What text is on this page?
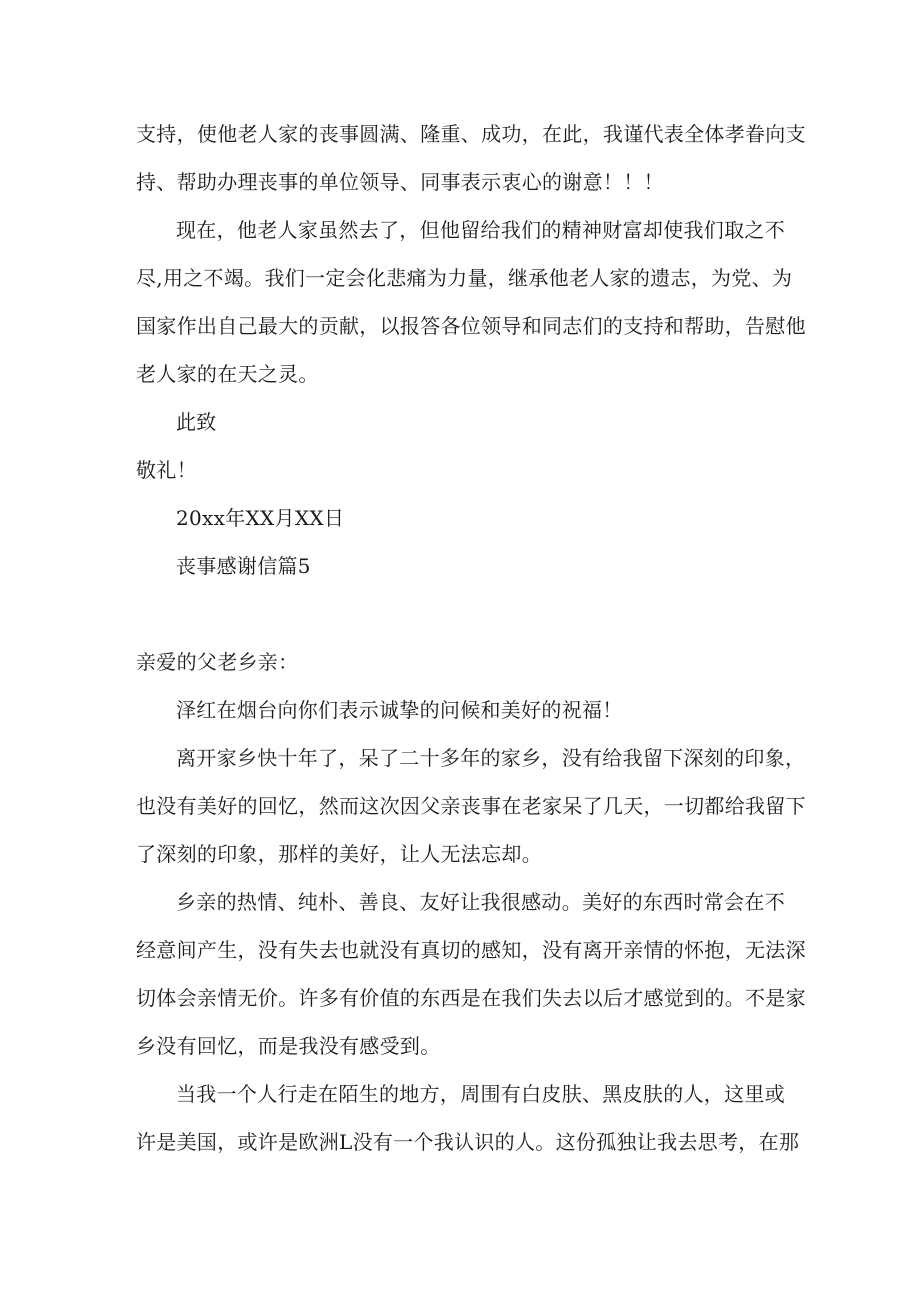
支持，使他老人家的丧事圆满、隆重、成功，在此，我谨代表全体孝眷向支
持、帮助办理丧事的单位领导、同事表示衷心的谢意！！！
现在，他老人家虽然去了，但他留给我们的精神财富却使我们取之不
尽,用之不竭。我们一定会化悲痛为力量，继承他老人家的遗志，为党、为
国家作出自己最大的贡献，以报答各位领导和同志们的支持和帮助，告慰他
老人家的在天之灵。
此致
敬礼！
20xx年XX月XX日
丧事感谢信篇5
亲爱的父老乡亲：
泽红在烟台向你们表示诚挚的问候和美好的祝福！
离开家乡快十年了，呆了二十多年的家乡，没有给我留下深刻的印象，
也没有美好的回忆，然而这次因父亲丧事在老家呆了几天，一切都给我留下
了深刻的印象，那样的美好，让人无法忘却。
乡亲的热情、纯朴、善良、友好让我很感动。美好的东西时常会在不
经意间产生，没有失去也就没有真切的感知，没有离开亲情的怀抱，无法深
切体会亲情无价。许多有价值的东西是在我们失去以后才感觉到的。不是家
乡没有回忆，而是我没有感受到。
当我一个人行走在陌生的地方，周围有白皮肤、黑皮肤的人，这里或
许是美国，或许是欧洲L没有一个我认识的人。这份孤独让我去思考，在那
